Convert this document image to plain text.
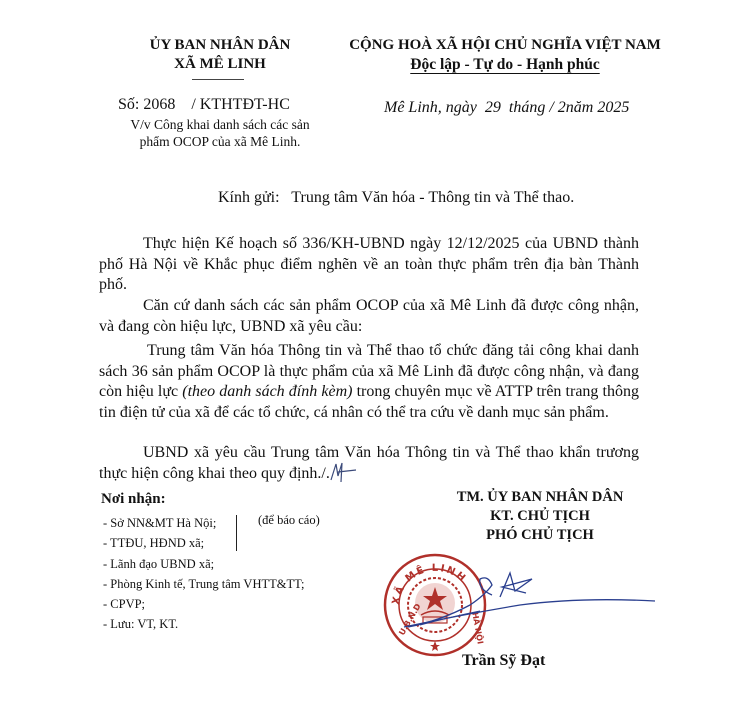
ỦY BAN NHÂN DÂN
XÃ MÊ LINH
Số: 2068    / KTHTĐT-HC
V/v Công khai danh sách các sản
phẩm OCOP của xã Mê Linh.
CỘNG HOÀ XÃ HỘI CHỦ NGHĨA VIỆT NAM
Độc lập - Tự do - Hạnh phúc
Mê Linh, ngày  29  tháng / 2năm 2025
Kính gửi: Trung tâm Văn hóa - Thông tin và Thể thao.
Thực hiện Kế hoạch số 336/KH-UBND ngày 12/12/2025 của UBND thành phố Hà Nội về Khắc phục điểm nghẽn về an toàn thực phẩm trên địa bàn Thành phố.
Căn cứ danh sách các sản phẩm OCOP của xã Mê Linh đã được công nhận, và đang còn hiệu lực, UBND xã yêu cầu:
Trung tâm Văn hóa Thông tin và Thể thao tổ chức đăng tải công khai danh sách 36 sản phẩm OCOP là thực phẩm của xã Mê Linh đã được công nhận, và đang còn hiệu lực (theo danh sách đính kèm) trong chuyên mục về ATTP trên trang thông tin điện tử của xã để các tổ chức, cá nhân có thể tra cứu về danh mục sản phẩm.
UBND xã yêu cầu Trung tâm Văn hóa Thông tin và Thể thao khẩn trương thực hiện công khai theo quy định./.
Nơi nhận:
- Sở NN&MT Hà Nội;
- TTĐU, HĐND xã;
- Lãnh đạo UBND xã;
- Phòng Kinh tế, Trung tâm VHTT&TT;
- CPVP;
- Lưu: VT, KT.
(để báo cáo)
TM. ỦY BAN NHÂN DÂN
KT. CHỦ TỊCH
PHÓ CHỦ TỊCH
XÃ MÊ LINH
U.B.N.D	HÀ NỘI
Trần Sỹ Đạt
